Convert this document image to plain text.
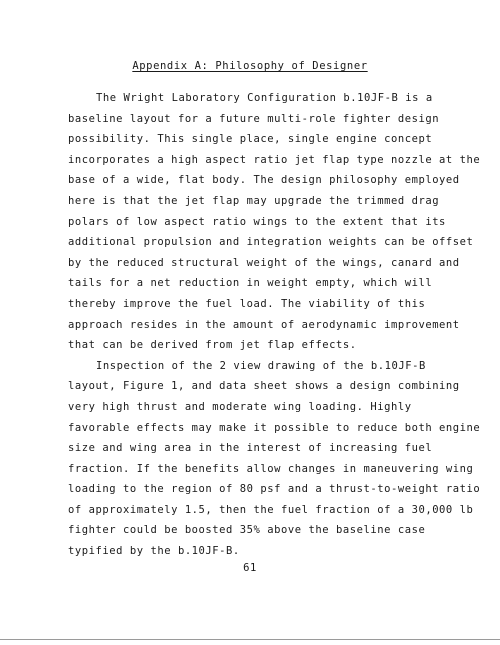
Appendix A: Philosophy of Designer
The Wright Laboratory Configuration b.10JF-B is a
baseline layout for a future multi-role fighter design
possibility. This single place, single engine concept
incorporates a high aspect ratio jet flap type nozzle at the
base of a wide, flat body. The design philosophy employed
here is that the jet flap may upgrade the trimmed drag
polars of low aspect ratio wings to the extent that its
additional propulsion and integration weights can be offset
by the reduced structural weight of the wings, canard and
tails for a net reduction in weight empty, which will
thereby improve the fuel load. The viability of this
approach resides in the amount of aerodynamic improvement
that can be derived from jet flap effects.
Inspection of the 2 view drawing of the b.10JF-B
layout, Figure 1, and data sheet shows a design combining
very high thrust and moderate wing loading. Highly
favorable effects may make it possible to reduce both engine
size and wing area in the interest of increasing fuel
fraction. If the benefits allow changes in maneuvering wing
loading to the region of 80 psf and a thrust-to-weight ratio
of approximately 1.5, then the fuel fraction of a 30,000 lb
fighter could be boosted 35% above the baseline case
typified by the b.10JF-B.
61
